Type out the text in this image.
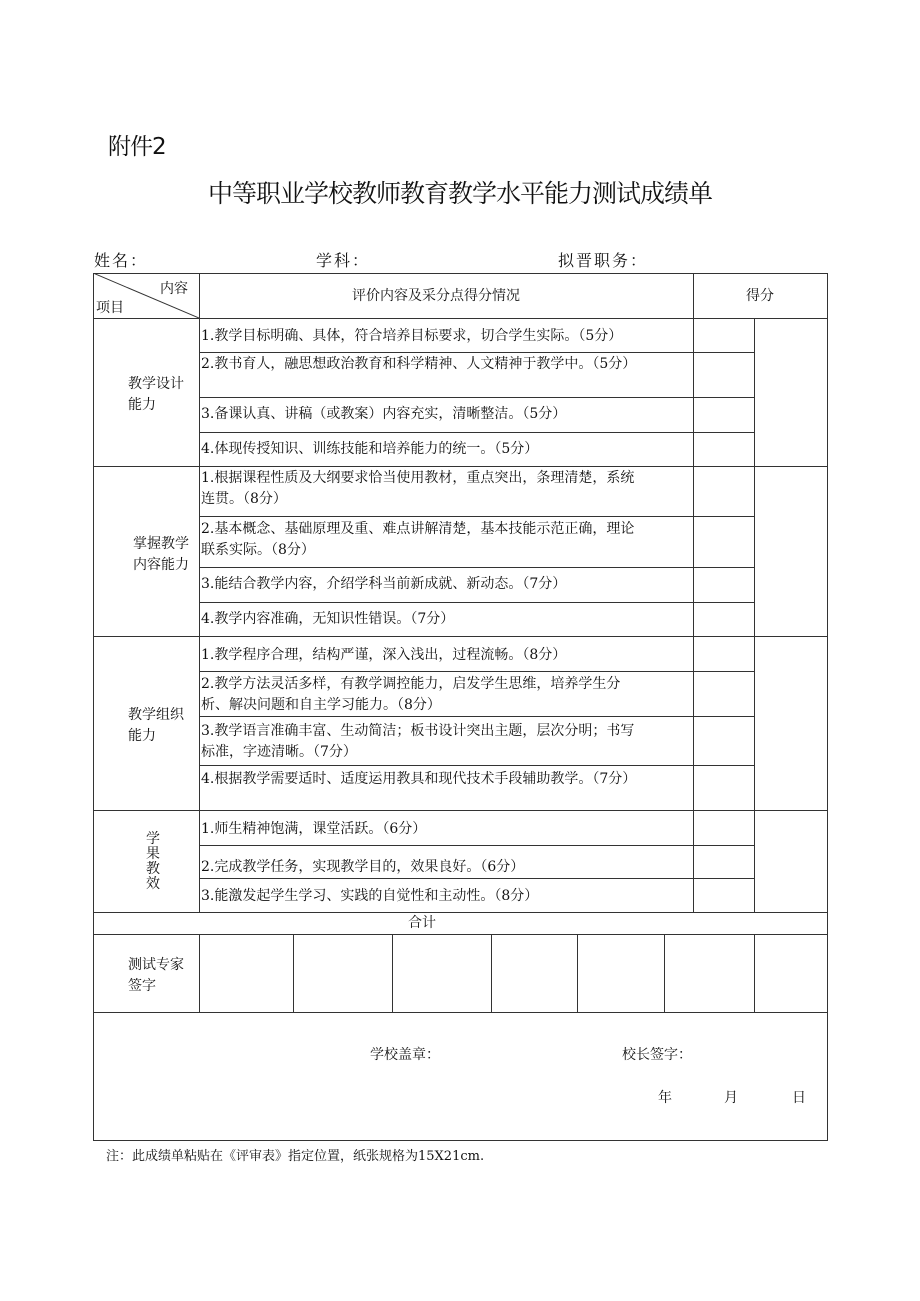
附件2
中等职业学校教师教育教学水平能力测试成绩单
姓名：	学科：	拟晋职务：
内容
项目
评价内容及采分点得分情况	得分
教学设计能力
1.教学目标明确、具体，符合培养目标要求，切合学生实际。（5分）
2.教书育人，融思想政治教育和科学精神、人文精神于教学中。（5分）
3.备课认真、讲稿（或教案）内容充实，清晰整洁。（5分）
4.体现传授知识、训练技能和培养能力的统一。（5分）
掌握教学内容能力
1.根据课程性质及大纲要求恰当使用教材，重点突出，条理清楚，系统
连贯。（8分）
2.基本概念、基础原理及重、难点讲解清楚，基本技能示范正确，理论
联系实际。（8分）
3.能结合教学内容，介绍学科当前新成就、新动态。（7分）
4.教学内容准确，无知识性错误。（7分）
教学组织能力
1.教学程序合理，结构严谨，深入浅出，过程流畅。（8分）
2.教学方法灵活多样，有教学调控能力，启发学生思维，培养学生分
析、解决问题和自主学习能力。（8分）
3.教学语言准确丰富、生动简洁；板书设计突出主题，层次分明；书写
标准，字迹清晰。（7分）
4.根据教学需要适时、适度运用教具和现代技术手段辅助教学。（7分）
学果教效
1.师生精神饱满，课堂活跃。（6分）
2.完成教学任务，实现教学目的，效果良好。（6分）
3.能激发起学生学习、实践的自觉性和主动性。（8分）
合计
测试专家签字
学校盖章：	校长签字：
年	月	日
注：此成绩单粘贴在《评审表》指定位置，纸张规格为15X21cm.
